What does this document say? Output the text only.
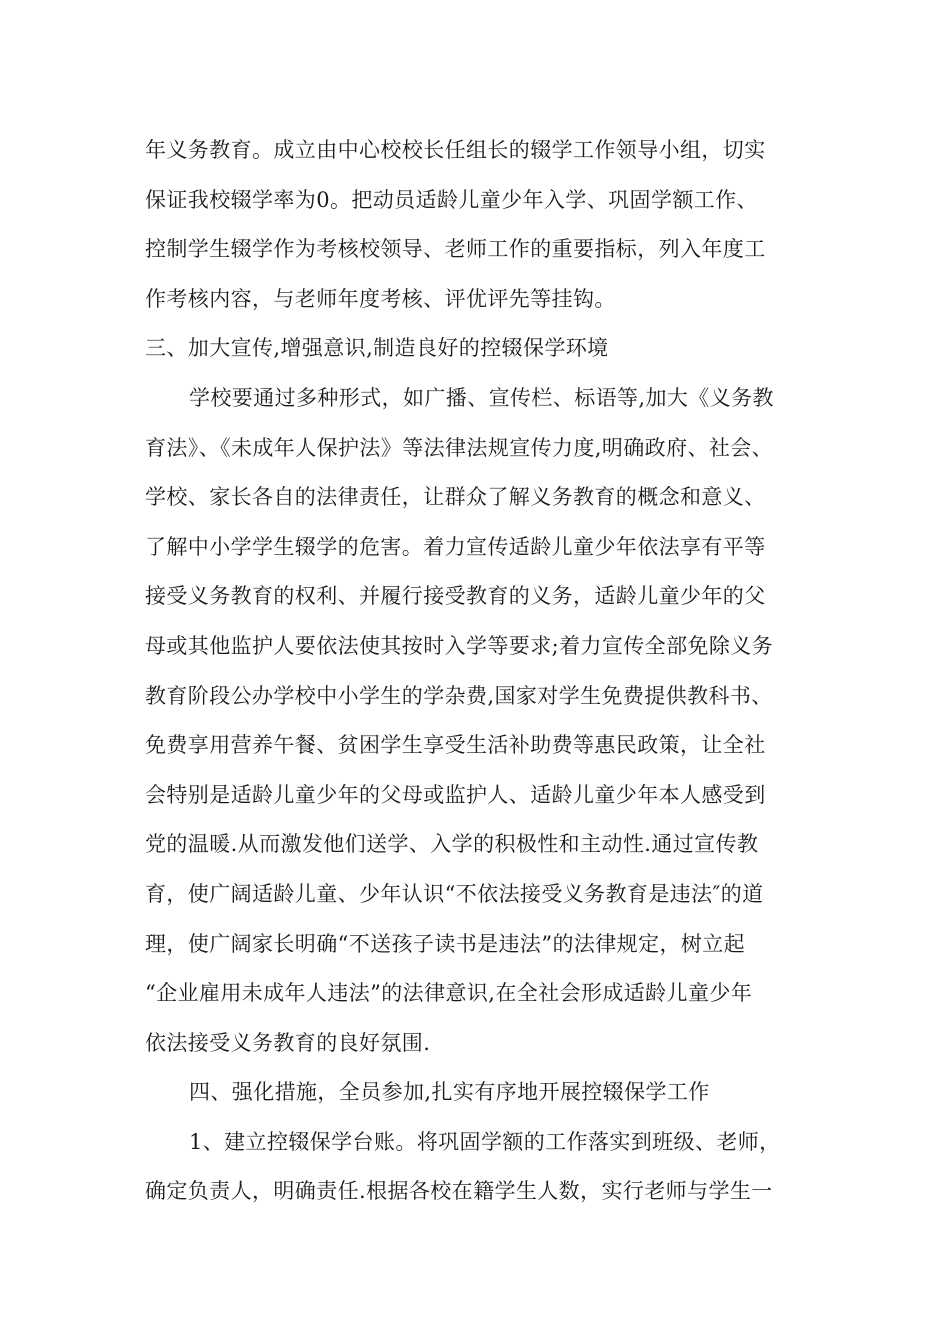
年义务教育。成立由中心校校长任组长的辍学工作领导小组，切实
保证我校辍学率为0。把动员适龄儿童少年入学、巩固学额工作、
控制学生辍学作为考核校领导、老师工作的重要指标，列入年度工
作考核内容，与老师年度考核、评优评先等挂钩。
三、加大宣传,增强意识,制造良好的控辍保学环境
学校要通过多种形式，如广播、宣传栏、标语等,加大《义务教
育法》、《未成年人保护法》等法律法规宣传力度,明确政府、社会、
学校、家长各自的法律责任，让群众了解义务教育的概念和意义、
了解中小学学生辍学的危害。着力宣传适龄儿童少年依法享有平等
接受义务教育的权利、并履行接受教育的义务，适龄儿童少年的父
母或其他监护人要依法使其按时入学等要求;着力宣传全部免除义务
教育阶段公办学校中小学生的学杂费,国家对学生免费提供教科书、
免费享用营养午餐、贫困学生享受生活补助费等惠民政策，让全社
会特别是适龄儿童少年的父母或监护人、适龄儿童少年本人感受到
党的温暖.从而激发他们送学、入学的积极性和主动性.通过宣传教
育，使广阔适龄儿童、少年认识“不依法接受义务教育是违法″的道
理，使广阔家长明确“不送孩子读书是违法”的法律规定，树立起
“企业雇用未成年人违法”的法律意识,在全社会形成适龄儿童少年
依法接受义务教育的良好氛围.
四、强化措施，全员参加,扎实有序地开展控辍保学工作
1、建立控辍保学台账。将巩固学额的工作落实到班级、老师，
确定负责人，明确责任.根据各校在籍学生人数，实行老师与学生一
